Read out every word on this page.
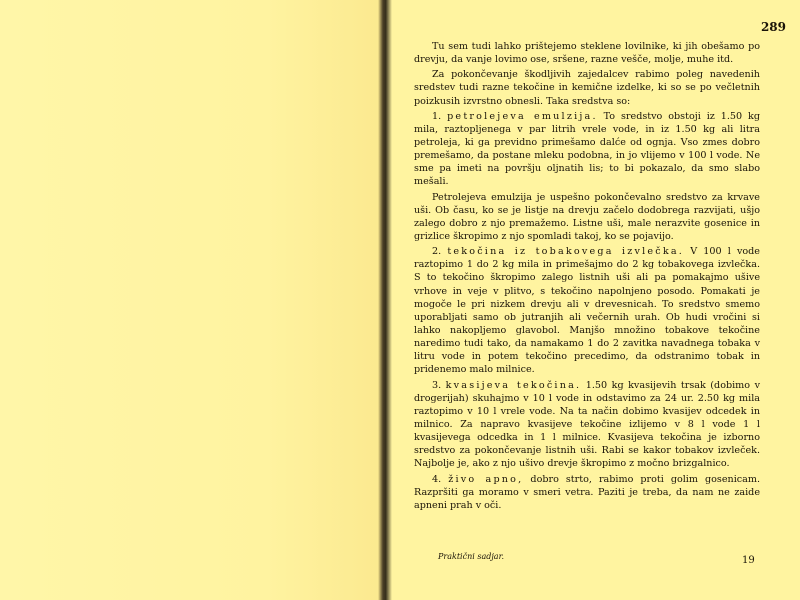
289

Tu sem tudi lahko prištejemo steklene lovilnike, ki jih obešamo po drevju, da vanje lovimo ose, sršene, razne vešče, molje, muhe itd.

Za pokončevanje škodljivih zajedalcev rabimo poleg navedenih sredstev tudi razne tekočine in kemične izdelke, ki so se po večletnih poizkusih izvrstno obnesli. Taka sredstva so:

1. petrolejeva emulzija. To sredstvo obstoji iz 1.50 kg mila, raztopljenega v par litrih vrele vode, in iz 1.50 kg ali litra petroleja, ki ga previdno primešamo dalće od ognja. Vso zmes dobro premešamo, da postane mleku podobna, in jo vlijemo v 100 l vode. Ne sme pa imeti na površju oljnatih lis; to bi pokazalo, da smo slabo mešali.

Petrolejeva emulzija je uspešno pokončevalno sredstvo za krvave uši. Ob času, ko se je listje na drevju začelo dodobrega razvijati, ušjo zalego dobro z njo premažemo. Listne uši, male nerazvite gosenice in grizlice škropimo z njo spomladi takoj, ko se pojavijo.

2. tekočina iz tobakovega izvlečka. V 100 l vode raztopimo 1 do 2 kg mila in primešajmo do 2 kg tobakovega izvlečka. S to tekočino škropimo zalego listnih uši ali pa pomakajmo ušive vrhove in veje v plitvo, s tekočino napolnjeno posodo. Pomakati je mogoče le pri nizkem drevju ali v drevesnicah. To sredstvo smemo uporabljati samo ob jutranjih ali večernih urah. Ob hudi vročini si lahko nakopljemo glavobol. Manjšo množino tobakove tekočine naredimo tudi tako, da namakamo 1 do 2 zavitka navadnega tobaka v litru vode in potem tekočino precedimo, da odstranimo tobak in pridenemo malo milnice.

3. kvasijeva tekočina. 1.50 kg kvasijevih trsak (dobimo v drogerijah) skuhajmo v 10 l vode in odstavimo za 24 ur. 2.50 kg mila raztopimo v 10 l vrele vode. Na ta način dobimo kvasijev odcedek in milnico. Za napravo kvasijeve tekočine izlijemo v 8 l vode 1 l kvasijevega odcedka in 1 l milnice. Kvasijeva tekočina je izborno sredstvo za pokončevanje listnih uši. Rabi se kakor tobakov izvleček. Najbolje je, ako z njo ušivo drevje škropimo z močno brizgalnico.

4. živo apno, dobro strto, rabimo proti golim gosenicam. Razpršiti ga moramo v smeri vetra. Paziti je treba, da nam ne zaide apneni prah v oči.

Praktični sadjar.	19
